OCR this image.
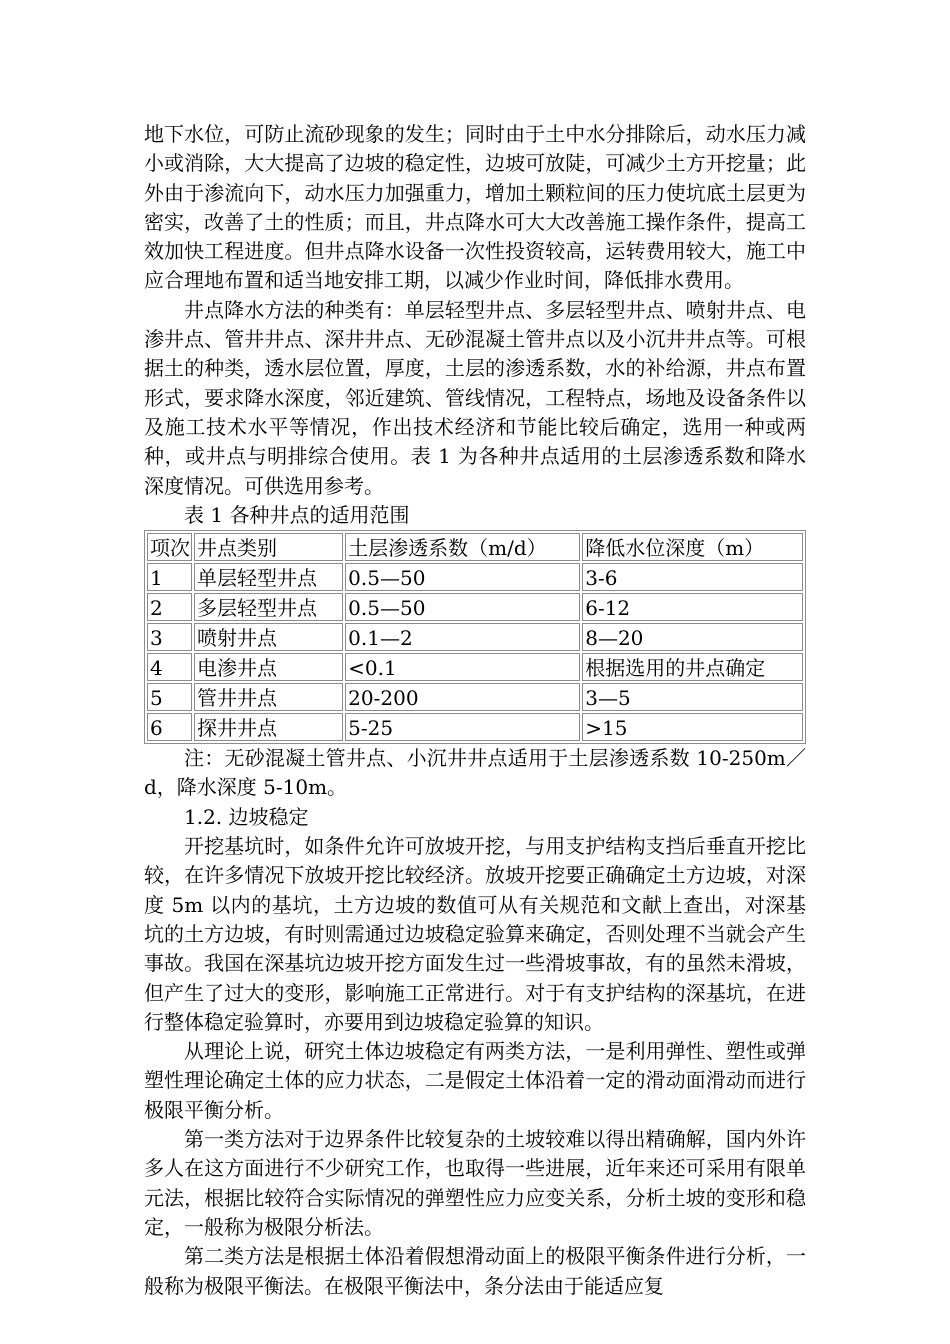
地下水位，可防止流砂现象的发生；同时由于土中水分排除后，动水压力减小或消除，大大提高了边坡的稳定性，边坡可放陡，可减少土方开挖量；此外由于渗流向下，动水压力加强重力，增加土颗粒间的压力使坑底土层更为密实，改善了土的性质；而且，井点降水可大大改善施工操作条件，提高工效加快工程进度。但井点降水设备一次性投资较高，运转费用较大，施工中应合理地布置和适当地安排工期，以减少作业时间，降低排水费用。

井点降水方法的种类有：单层轻型井点、多层轻型井点、喷射井点、电渗井点、管井井点、深井井点、无砂混凝土管井点以及小沉井井点等。可根据土的种类，透水层位置，厚度，土层的渗透系数，水的补给源，井点布置形式，要求降水深度，邻近建筑、管线情况，工程特点，场地及设备条件以及施工技术水平等情况，作出技术经济和节能比较后确定，选用一种或两种，或井点与明排综合使用。表 1 为各种井点适用的土层渗透系数和降水深度情况。可供选用参考。

表 1 各种井点的适用范围

项次	井点类别	土层渗透系数（m/d）	降低水位深度（m）
1	单层轻型井点	0.5—50	3-6
2	多层轻型井点	0.5—50	6-12
3	喷射井点	0.1—2	8—20
4	电渗井点	<0.1	根据选用的井点确定
5	管井井点	20-200	3—5
6	探井井点	5-25	>15

注：无砂混凝土管井点、小沉井井点适用于土层渗透系数 10-250m／d，降水深度 5-10m。

1.2. 边坡稳定

开挖基坑时，如条件允许可放坡开挖，与用支护结构支挡后垂直开挖比较，在许多情况下放坡开挖比较经济。放坡开挖要正确确定土方边坡，对深度 5m 以内的基坑，土方边坡的数值可从有关规范和文献上查出，对深基坑的土方边坡，有时则需通过边坡稳定验算来确定，否则处理不当就会产生事故。我国在深基坑边坡开挖方面发生过一些滑坡事故，有的虽然未滑坡，但产生了过大的变形，影响施工正常进行。对于有支护结构的深基坑，在进行整体稳定验算时，亦要用到边坡稳定验算的知识。

从理论上说，研究土体边坡稳定有两类方法，一是利用弹性、塑性或弹塑性理论确定土体的应力状态，二是假定土体沿着一定的滑动面滑动而进行极限平衡分析。

第一类方法对于边界条件比较复杂的土坡较难以得出精确解，国内外许多人在这方面进行不少研究工作，也取得一些进展，近年来还可采用有限单元法，根据比较符合实际情况的弹塑性应力应变关系，分析土坡的变形和稳定，一般称为极限分析法。

第二类方法是根据土体沿着假想滑动面上的极限平衡条件进行分析，一般称为极限平衡法。在极限平衡法中，条分法由于能适应复
